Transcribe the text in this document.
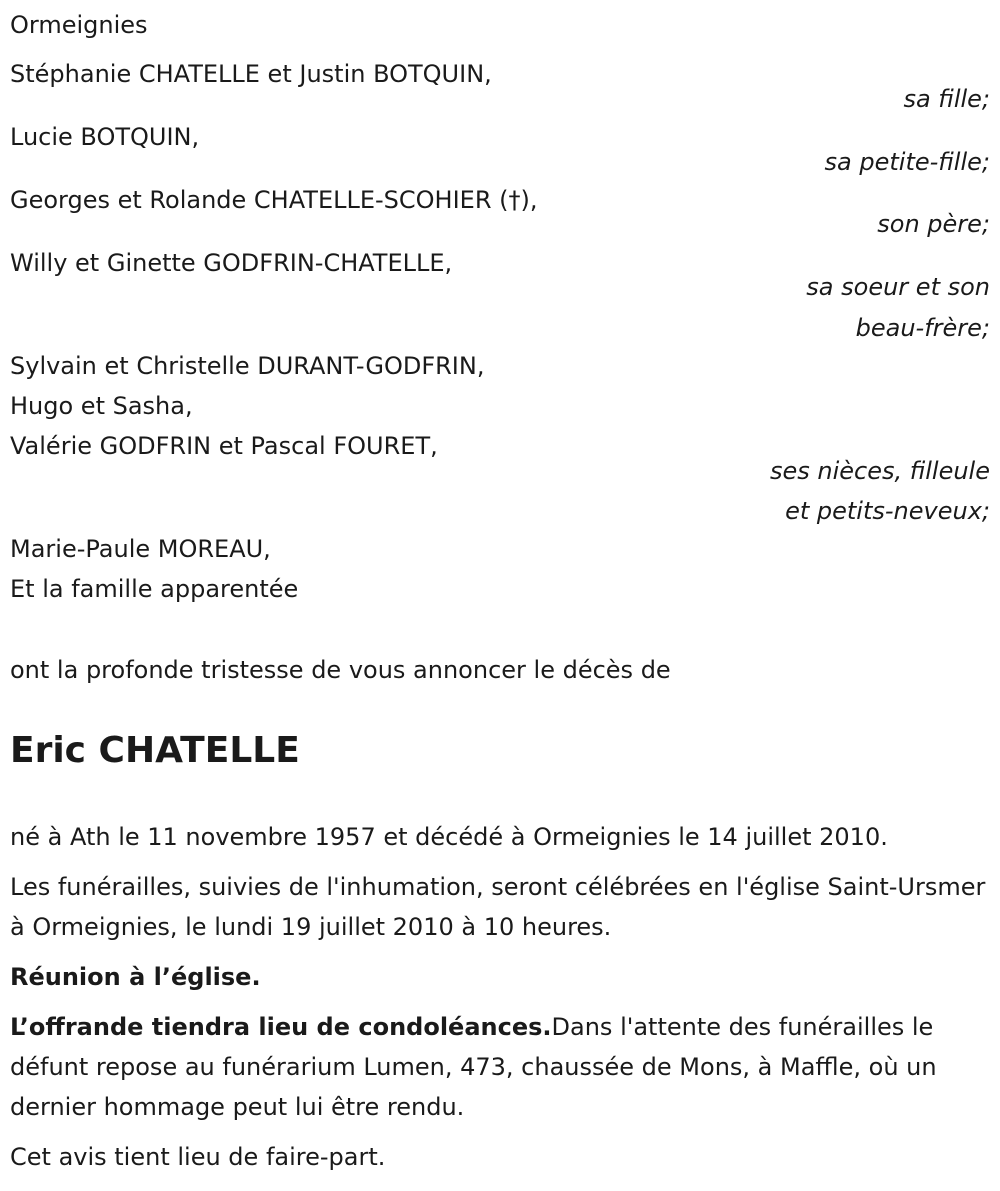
Ormeignies
Stéphanie CHATELLE et Justin BOTQUIN,
sa fille;
Lucie BOTQUIN,
sa petite-fille;
Georges et Rolande CHATELLE-SCOHIER (†),
son père;
Willy et Ginette GODFRIN-CHATELLE,
sa soeur et son
beau-frère;
Sylvain et Christelle DURANT-GODFRIN,
Hugo et Sasha,
Valérie GODFRIN et Pascal FOURET,
ses nièces, filleule
et petits-neveux;
Marie-Paule MOREAU,
Et la famille apparentée
ont la profonde tristesse de vous annoncer le décès de
Eric CHATELLE
né à Ath le 11 novembre 1957 et décédé à Ormeignies le 14 juillet 2010.
Les funérailles, suivies de l'inhumation, seront célébrées en l'église Saint-Ursmer à Ormeignies, le lundi 19 juillet 2010 à 10 heures.
Réunion à l’église.
L’offrande tiendra lieu de condoléances.Dans l'attente des funérailles le défunt repose au funérarium Lumen, 473, chaussée de Mons, à Maffle, où un dernier hommage peut lui être rendu.
Cet avis tient lieu de faire-part.
